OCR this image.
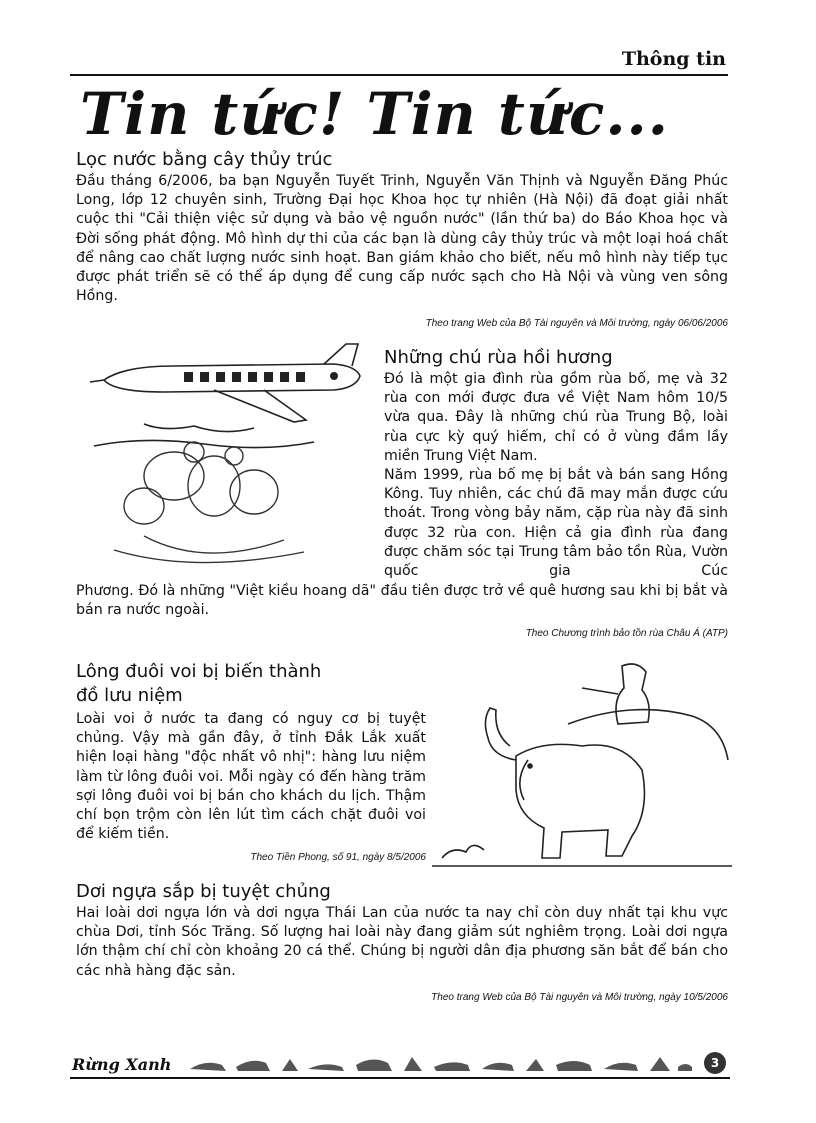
Thông tin
Tin tức! Tin tức...
Lọc nước bằng cây thủy trúc

Đầu tháng 6/2006, ba bạn Nguyễn Tuyết Trinh, Nguyễn Văn Thịnh và Nguyễn Đăng Phúc Long, lớp 12 chuyên sinh, Trường Đại học Khoa học tự nhiên (Hà Nội) đã đoạt giải nhất cuộc thi "Cải thiện việc sử dụng và bảo vệ nguồn nước" (lần thứ ba) do Báo Khoa học và Đời sống phát động. Mô hình dự thi của các bạn là dùng cây thủy trúc và một loại hoá chất để nâng cao chất lượng nước sinh hoạt. Ban giám khảo cho biết, nếu mô hình này tiếp tục được phát triển sẽ có thể áp dụng để cung cấp nước sạch cho Hà Nội và vùng ven sông Hồng.

Theo trang Web của Bộ Tài nguyên và Môi trường, ngày 06/06/2006
Những chú rùa hồi hương

Đó là một gia đình rùa gồm rùa bố, mẹ và 32 rùa con mới được đưa về Việt Nam hôm 10/5 vừa qua. Đây là những chú rùa Trung Bộ, loài rùa cực kỳ quý hiếm, chỉ có ở vùng đầm lầy miền Trung Việt Nam.

Năm 1999, rùa bố mẹ bị bắt và bán sang Hồng Kông. Tuy nhiên, các chú đã may mắn được cứu thoát. Trong vòng bảy năm, cặp rùa này đã sinh được 32 rùa con. Hiện cả gia đình rùa đang được chăm sóc tại Trung tâm bảo tồn Rùa, Vườn quốc gia Cúc

Phương. Đó là những "Việt kiều hoang dã" đầu tiên được trở về quê hương sau khi bị bắt và bán ra nước ngoài.

Theo Chương trình bảo tồn rùa Châu Á (ATP)
Lông đuôi voi bị biến thành
đồ lưu niệm

Loài voi ở nước ta đang có nguy cơ bị tuyệt chủng. Vậy mà gần đây, ở tỉnh Đắk Lắk xuất hiện loại hàng "độc nhất vô nhị": hàng lưu niệm làm từ lông đuôi voi. Mỗi ngày có đến hàng trăm sợi lông đuôi voi bị bán cho khách du lịch. Thậm chí bọn trộm còn lên lút tìm cách chặt đuôi voi để kiếm tiền.

Theo Tiền Phong, số 91, ngày 8/5/2006
Dơi ngựa sắp bị tuyệt chủng

Hai loài dơi ngựa lớn và dơi ngựa Thái Lan của nước ta nay chỉ còn duy nhất tại khu vực chùa Dơi, tỉnh Sóc Trăng. Số lượng hai loài này đang giảm sút nghiêm trọng. Loài dơi ngựa lớn thậm chí chỉ còn khoảng 20 cá thể. Chúng bị người dân địa phương săn bắt để bán cho các nhà hàng đặc sản.

Theo trang Web của Bộ Tài nguyên và Môi trường, ngày 10/5/2006
Rừng Xanh	3
